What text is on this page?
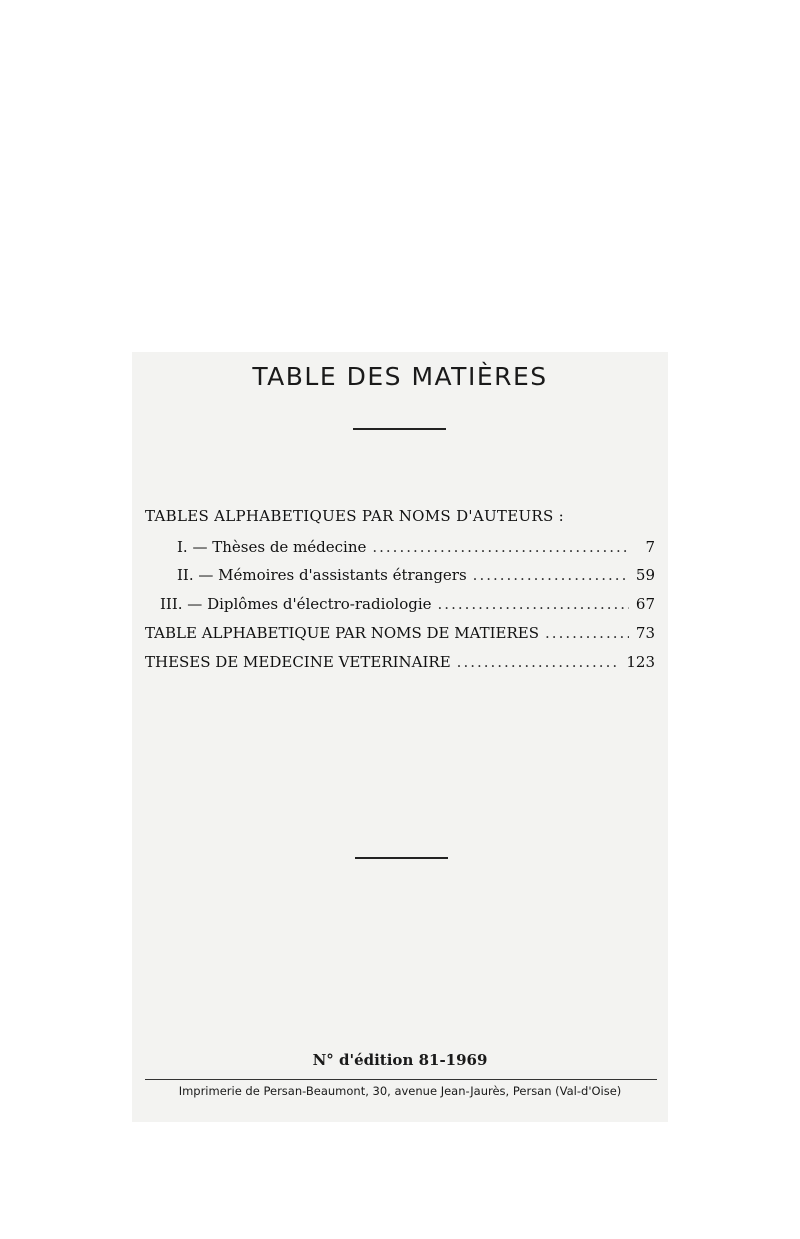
TABLE DES MATIÈRES
TABLES ALPHABETIQUES PAR NOMS D'AUTEURS :
I. — Thèses de médecine .....	7
II. — Mémoires d'assistants étrangers .....	59
III. — Diplômes d'électro-radiologie .....	67
TABLE ALPHABETIQUE PAR NOMS DE MATIERES .....	73
THESES DE MEDECINE VETERINAIRE .....	123
N° d'édition 81-1969
Imprimerie de Persan-Beaumont, 30, avenue Jean-Jaurès, Persan (Val-d'Oise)
